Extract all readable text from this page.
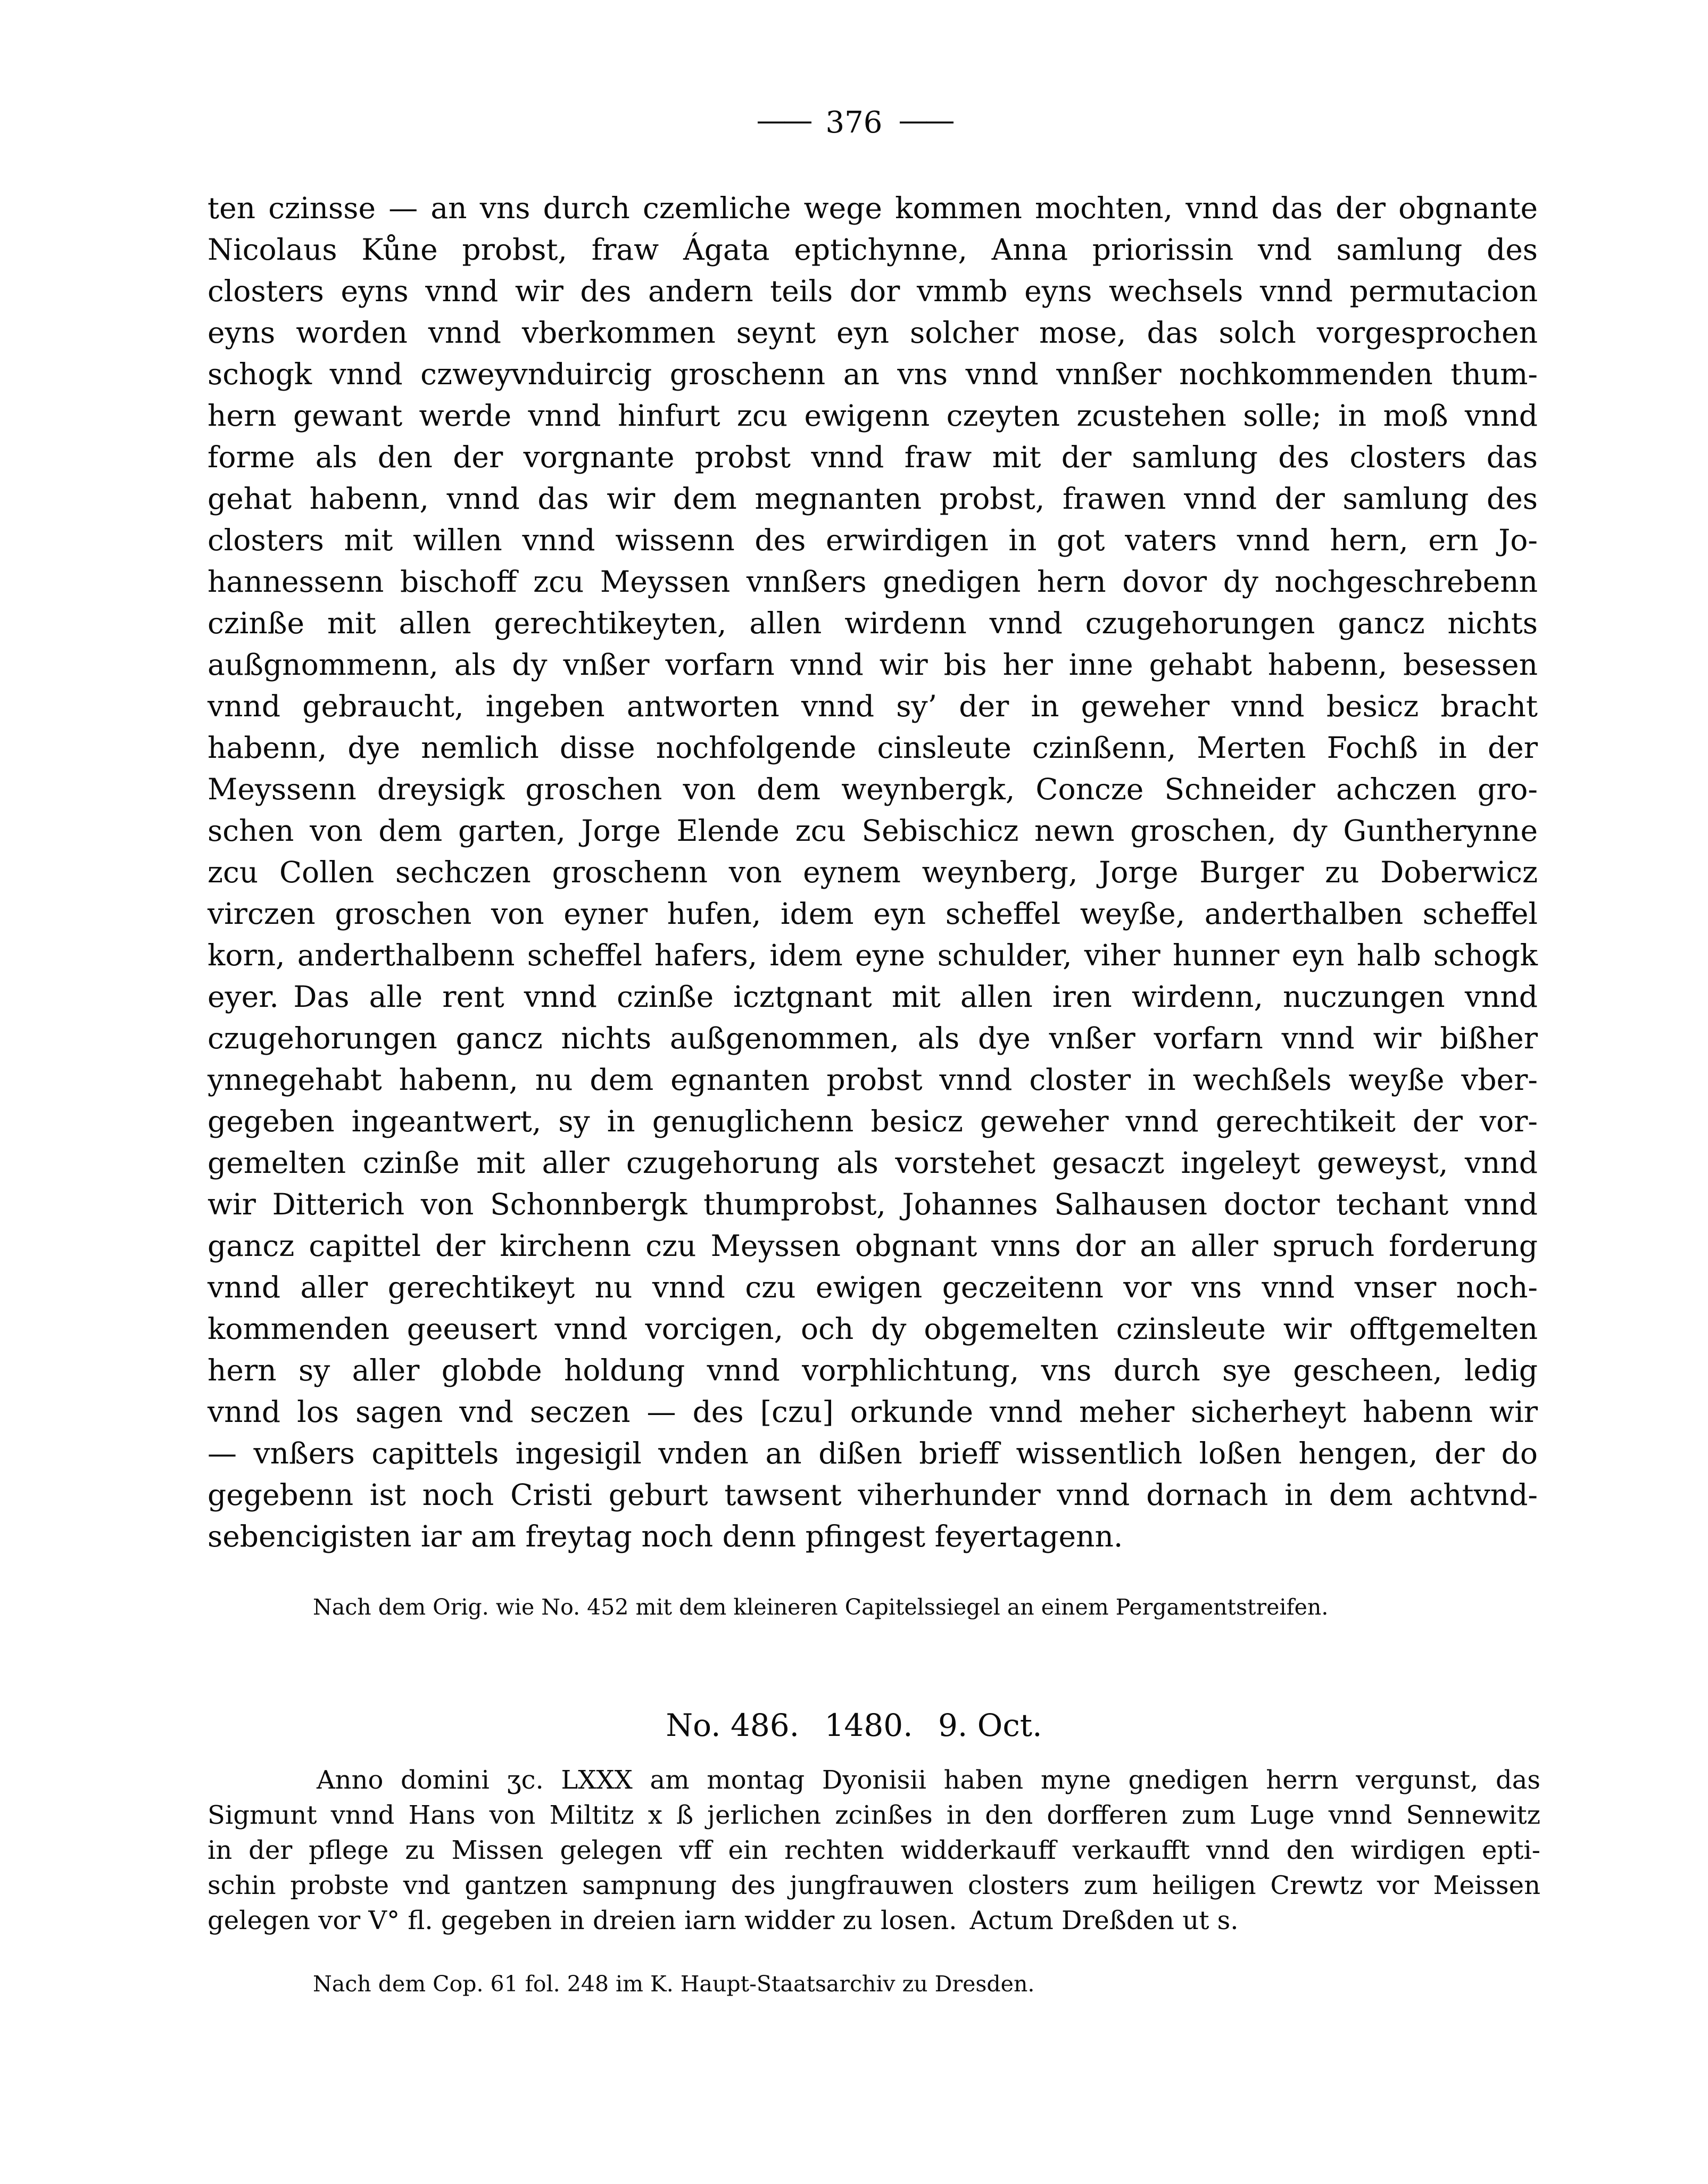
—— 376 ——
ten czinsse — an vns durch czemliche wege kommen mochten, vnnd das der obgnante
Nicolaus Kůne probst, fraw Ágata eptichynne, Anna priorissin vnd samlung des
closters eyns vnnd wir des andern teils dor vmmb eyns wechsels vnnd permutacion
eyns worden vnnd vberkommen seynt eyn solcher mose, das solch vorgesprochen
schogk vnnd czweyvnduircig groschenn an vns vnnd vnnßer nochkommenden thum-
hern gewant werde vnnd hinfurt zcu ewigenn czeyten zcustehen solle; in moß vnnd
forme als den der vorgnante probst vnnd fraw mit der samlung des closters das
gehat habenn, vnnd das wir dem megnanten probst, frawen vnnd der samlung des
closters mit willen vnnd wissenn des erwirdigen in got vaters vnnd hern, ern Jo-
hannessenn bischoff zcu Meyssen vnnßers gnedigen hern dovor dy nochgeschrebenn
czinße mit allen gerechtikeyten, allen wirdenn vnnd czugehorungen gancz nichts
außgnommenn, als dy vnßer vorfarn vnnd wir bis her inne gehabt habenn, besessen
vnnd gebraucht, ingeben antworten vnnd sy’ der in geweher vnnd besicz bracht
habenn, dye nemlich disse nochfolgende cinsleute czinßenn, Merten Fochß in der
Meyssenn dreysigk groschen von dem weynbergk, Concze Schneider achczen gro-
schen von dem garten, Jorge Elende zcu Sebischicz newn groschen, dy Guntherynne
zcu Collen sechczen groschenn von eynem weynberg, Jorge Burger zu Doberwicz
virczen groschen von eyner hufen, idem eyn scheffel weyße, anderthalben scheffel
korn, anderthalbenn scheffel hafers, idem eyne schulder, viher hunner eyn halb schogk
eyer. Das alle rent vnnd czinße icztgnant mit allen iren wirdenn, nuczungen vnnd
czugehorungen gancz nichts außgenommen, als dye vnßer vorfarn vnnd wir bißher
ynnegehabt habenn, nu dem egnanten probst vnnd closter in wechßels weyße vber-
gegeben ingeantwert, sy in genuglichenn besicz geweher vnnd gerechtikeit der vor-
gemelten czinße mit aller czugehorung als vorstehet gesaczt ingeleyt geweyst, vnnd
wir Ditterich von Schonnbergk thumprobst, Johannes Salhausen doctor techant vnnd
gancz capittel der kirchenn czu Meyssen obgnant vnns dor an aller spruch forderung
vnnd aller gerechtikeyt nu vnnd czu ewigen geczeitenn vor vns vnnd vnser noch-
kommenden geeusert vnnd vorcigen, och dy obgemelten czinsleute wir offtgemelten
hern sy aller globde holdung vnnd vorphlichtung, vns durch sye gescheen, ledig
vnnd los sagen vnd seczen — des [czu] orkunde vnnd meher sicherheyt habenn wir
— vnßers capittels ingesigil vnden an dißen brieff wissentlich loßen hengen, der do
gegebenn ist noch Cristi geburt tawsent viherhunder vnnd dornach in dem achtvnd-
sebencigisten iar am freytag noch denn pfingest feyertagenn.
Nach dem Orig. wie No. 452 mit dem kleineren Capitelssiegel an einem Pergamentstreifen.
No. 486.  1480.  9. Oct.
Anno domini ʒc. LXXX am montag Dyonisii haben myne gnedigen herrn vergunst, das
Sigmunt vnnd Hans von Miltitz x ß jerlichen zcinßes in den dorfferen zum Luge vnnd Sennewitz
in der pflege zu Missen gelegen vff ein rechten widderkauff verkaufft vnnd den wirdigen epti-
schin probste vnd gantzen sampnung des jungfrauwen closters zum heiligen Crewtz vor Meissen
gelegen vor V° fl. gegeben in dreien iarn widder zu losen. Actum Dreßden ut s.
Nach dem Cop. 61 fol. 248 im K. Haupt-Staatsarchiv zu Dresden.
